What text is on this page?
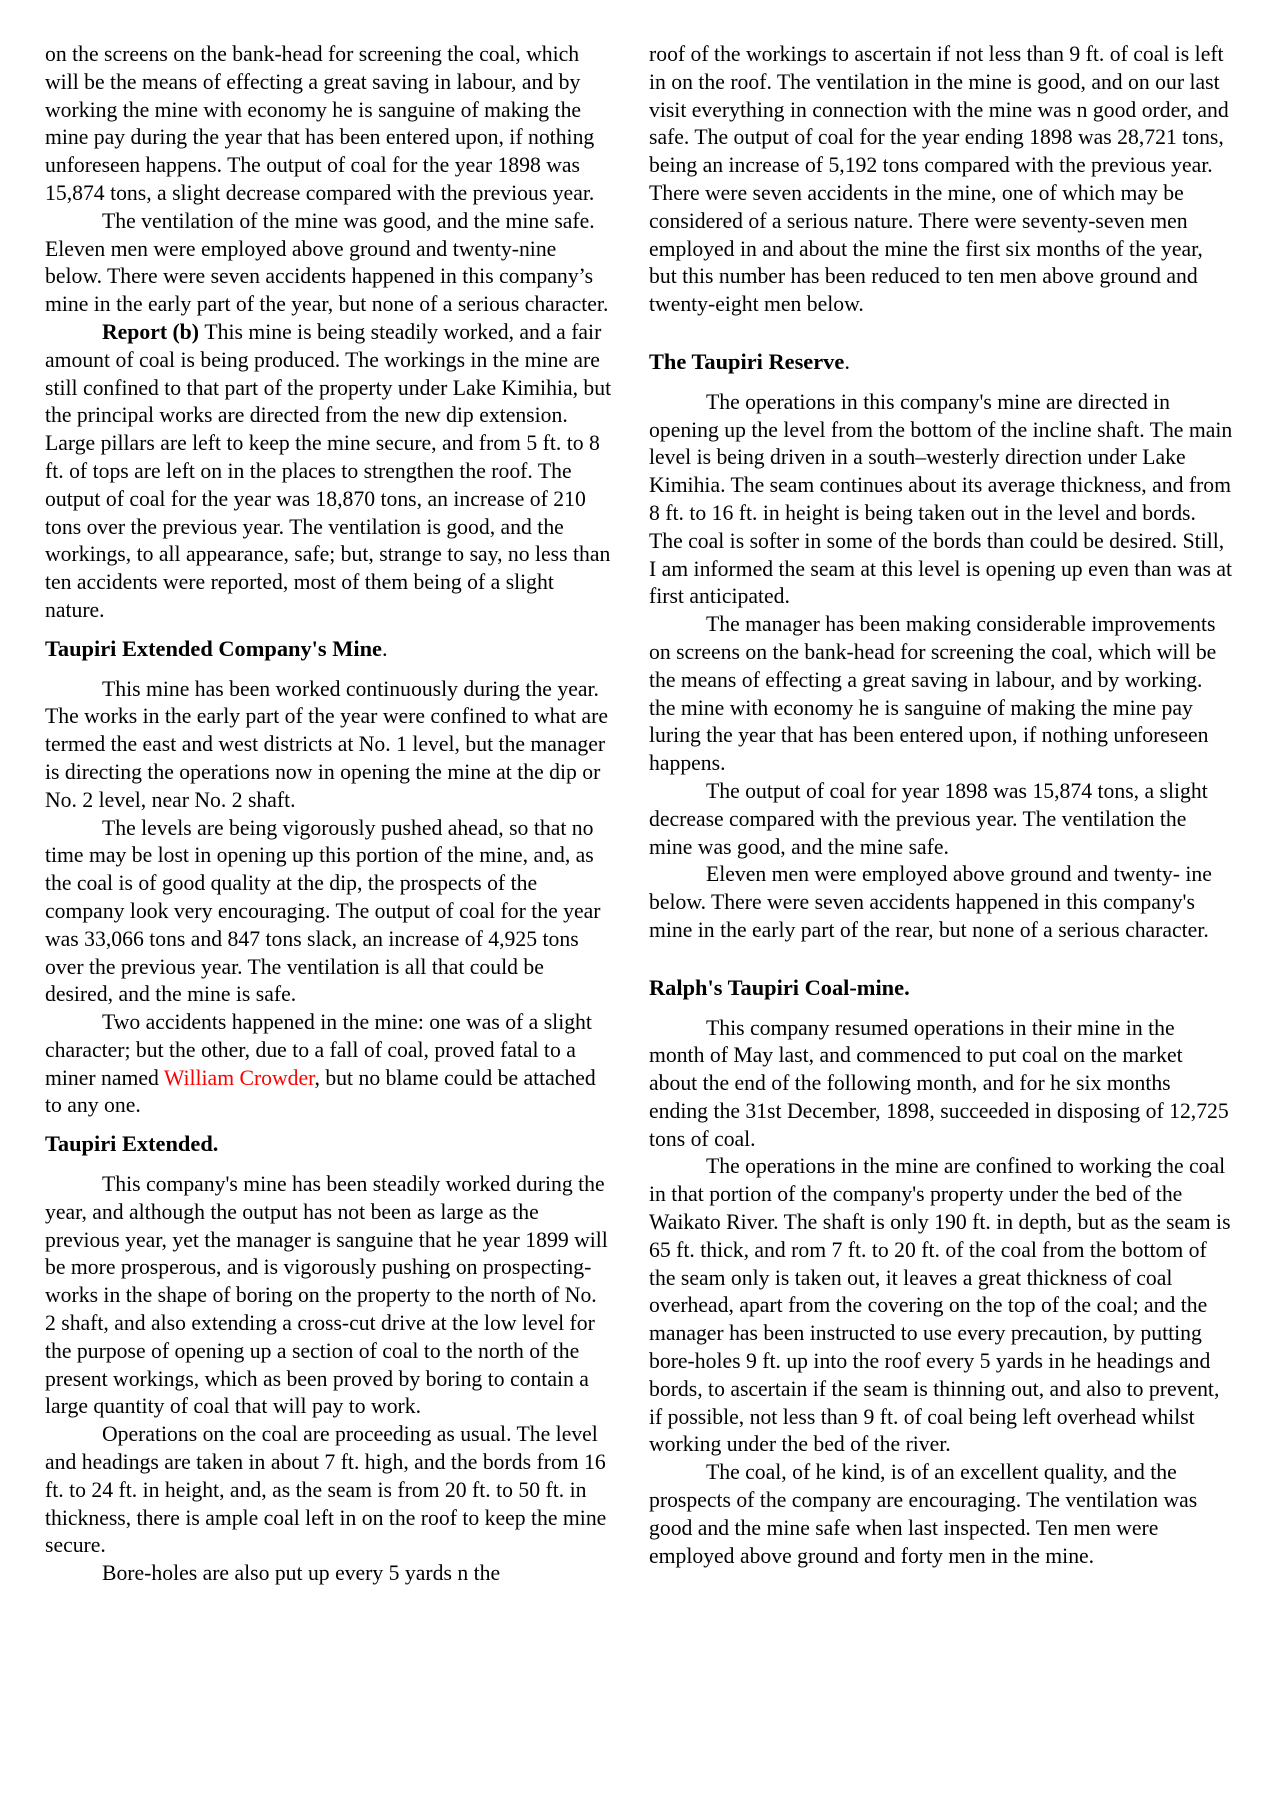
on the screens on the bank-head for screening the coal, which will be the means of effecting a great saving in labour, and by working the mine with economy he is sanguine of making the mine pay during the year that has been entered upon, if nothing unforeseen happens. The output of coal for the year 1898 was 15,874 tons, a slight decrease compared with the previous year.

The ventilation of the mine was good, and the mine safe. Eleven men were employed above ground and twenty-nine below. There were seven accidents happened in this company’s mine in the early part of the year, but none of a serious character.

Report (b) This mine is being steadily worked, and a fair amount of coal is being produced. The workings in the mine are still confined to that part of the property under Lake Kimihia, but the principal works are directed from the new dip extension. Large pillars are left to keep the mine secure, and from 5 ft. to 8 ft. of tops are left on in the places to strengthen the roof. The output of coal for the year was 18,870 tons, an increase of 210 tons over the previous year. The ventilation is good, and the workings, to all appearance, safe; but, strange to say, no less than ten accidents were reported, most of them being of a slight nature.

Taupiri Extended Company's Mine.

This mine has been worked continuously during the year. The works in the early part of the year were confined to what are termed the east and west districts at No. 1 level, but the manager is directing the operations now in opening the mine at the dip or No. 2 level, near No. 2 shaft.

The levels are being vigorously pushed ahead, so that no time may be lost in opening up this portion of the mine, and, as the coal is of good quality at the dip, the prospects of the company look very encouraging. The output of coal for the year was 33,066 tons and 847 tons slack, an increase of 4,925 tons over the previous year. The ventilation is all that could be desired, and the mine is safe.

Two accidents happened in the mine: one was of a slight character; but the other, due to a fall of coal, proved fatal to a miner named William Crowder, but no blame could be attached to any one.

Taupiri Extended.

This company's mine has been steadily worked during the year, and although the output has not been as large as the previous year, yet the manager is sanguine that he year 1899 will be more prosperous, and is vigorously pushing on prospecting-works in the shape of boring on the property to the north of No. 2 shaft, and also extending a cross-cut drive at the low level for the purpose of opening up a section of coal to the north of the present workings, which as been proved by boring to contain a large quantity of coal that will pay to work.

Operations on the coal are proceeding as usual. The level and headings are taken in about 7 ft. high, and the bords from 16 ft. to 24 ft. in height, and, as the seam is from 20 ft. to 50 ft. in thickness, there is ample coal left in on the roof to keep the mine secure.

Bore-holes are also put up every 5 yards n the

roof of the workings to ascertain if not less than 9 ft. of coal is left in on the roof. The ventilation in the mine is good, and on our last visit everything in connection with the mine was n good order, and safe. The output of coal for the year ending 1898 was 28,721 tons, being an increase of 5,192 tons compared with the previous year. There were seven accidents in the mine, one of which may be considered of a serious nature. There were seventy-seven men employed in and about the mine the first six months of the year, but this number has been reduced to ten men above ground and twenty-eight men below.

The Taupiri Reserve.

The operations in this company's mine are directed in opening up the level from the bottom of the incline shaft. The main level is being driven in a south–westerly direction under Lake Kimihia. The seam continues about its average thickness, and from 8 ft. to 16 ft. in height is being taken out in the level and bords. The coal is softer in some of the bords than could be desired. Still, I am informed the seam at this level is opening up even than was at first anticipated.

The manager has been making considerable improvements on screens on the bank-head for screening the coal, which will be the means of effecting a great saving in labour, and by working. the mine with economy he is sanguine of making the mine pay luring the year that has been entered upon, if nothing unforeseen happens.

The output of coal for year 1898 was 15,874 tons, a slight decrease compared with the previous year. The ventilation the mine was good, and the mine safe.

Eleven men were employed above ground and twenty- ine below. There were seven accidents happened in this company's mine in the early part of the rear, but none of a serious character.

Ralph's Taupiri Coal-mine.

This company resumed operations in their mine in the month of May last, and commenced to put coal on the market about the end of the following month, and for he six months ending the 31st December, 1898, succeeded in disposing of 12,725 tons of coal.

The operations in the mine are confined to working the coal in that portion of the company's property under the bed of the Waikato River. The shaft is only 190 ft. in depth, but as the seam is 65 ft. thick, and rom 7 ft. to 20 ft. of the coal from the bottom of the seam only is taken out, it leaves a great thickness of coal overhead, apart from the covering on the top of the coal; and the manager has been instructed to use every precaution, by putting bore-holes 9 ft. up into the roof every 5 yards in he headings and bords, to ascertain if the seam is thinning out, and also to prevent, if possible, not less than 9 ft. of coal being left overhead whilst working under the bed of the river.

The coal, of he kind, is of an excellent quality, and the prospects of the company are encouraging. The ventilation was good and the mine safe when last inspected. Ten men were employed above ground and forty men in the mine.
